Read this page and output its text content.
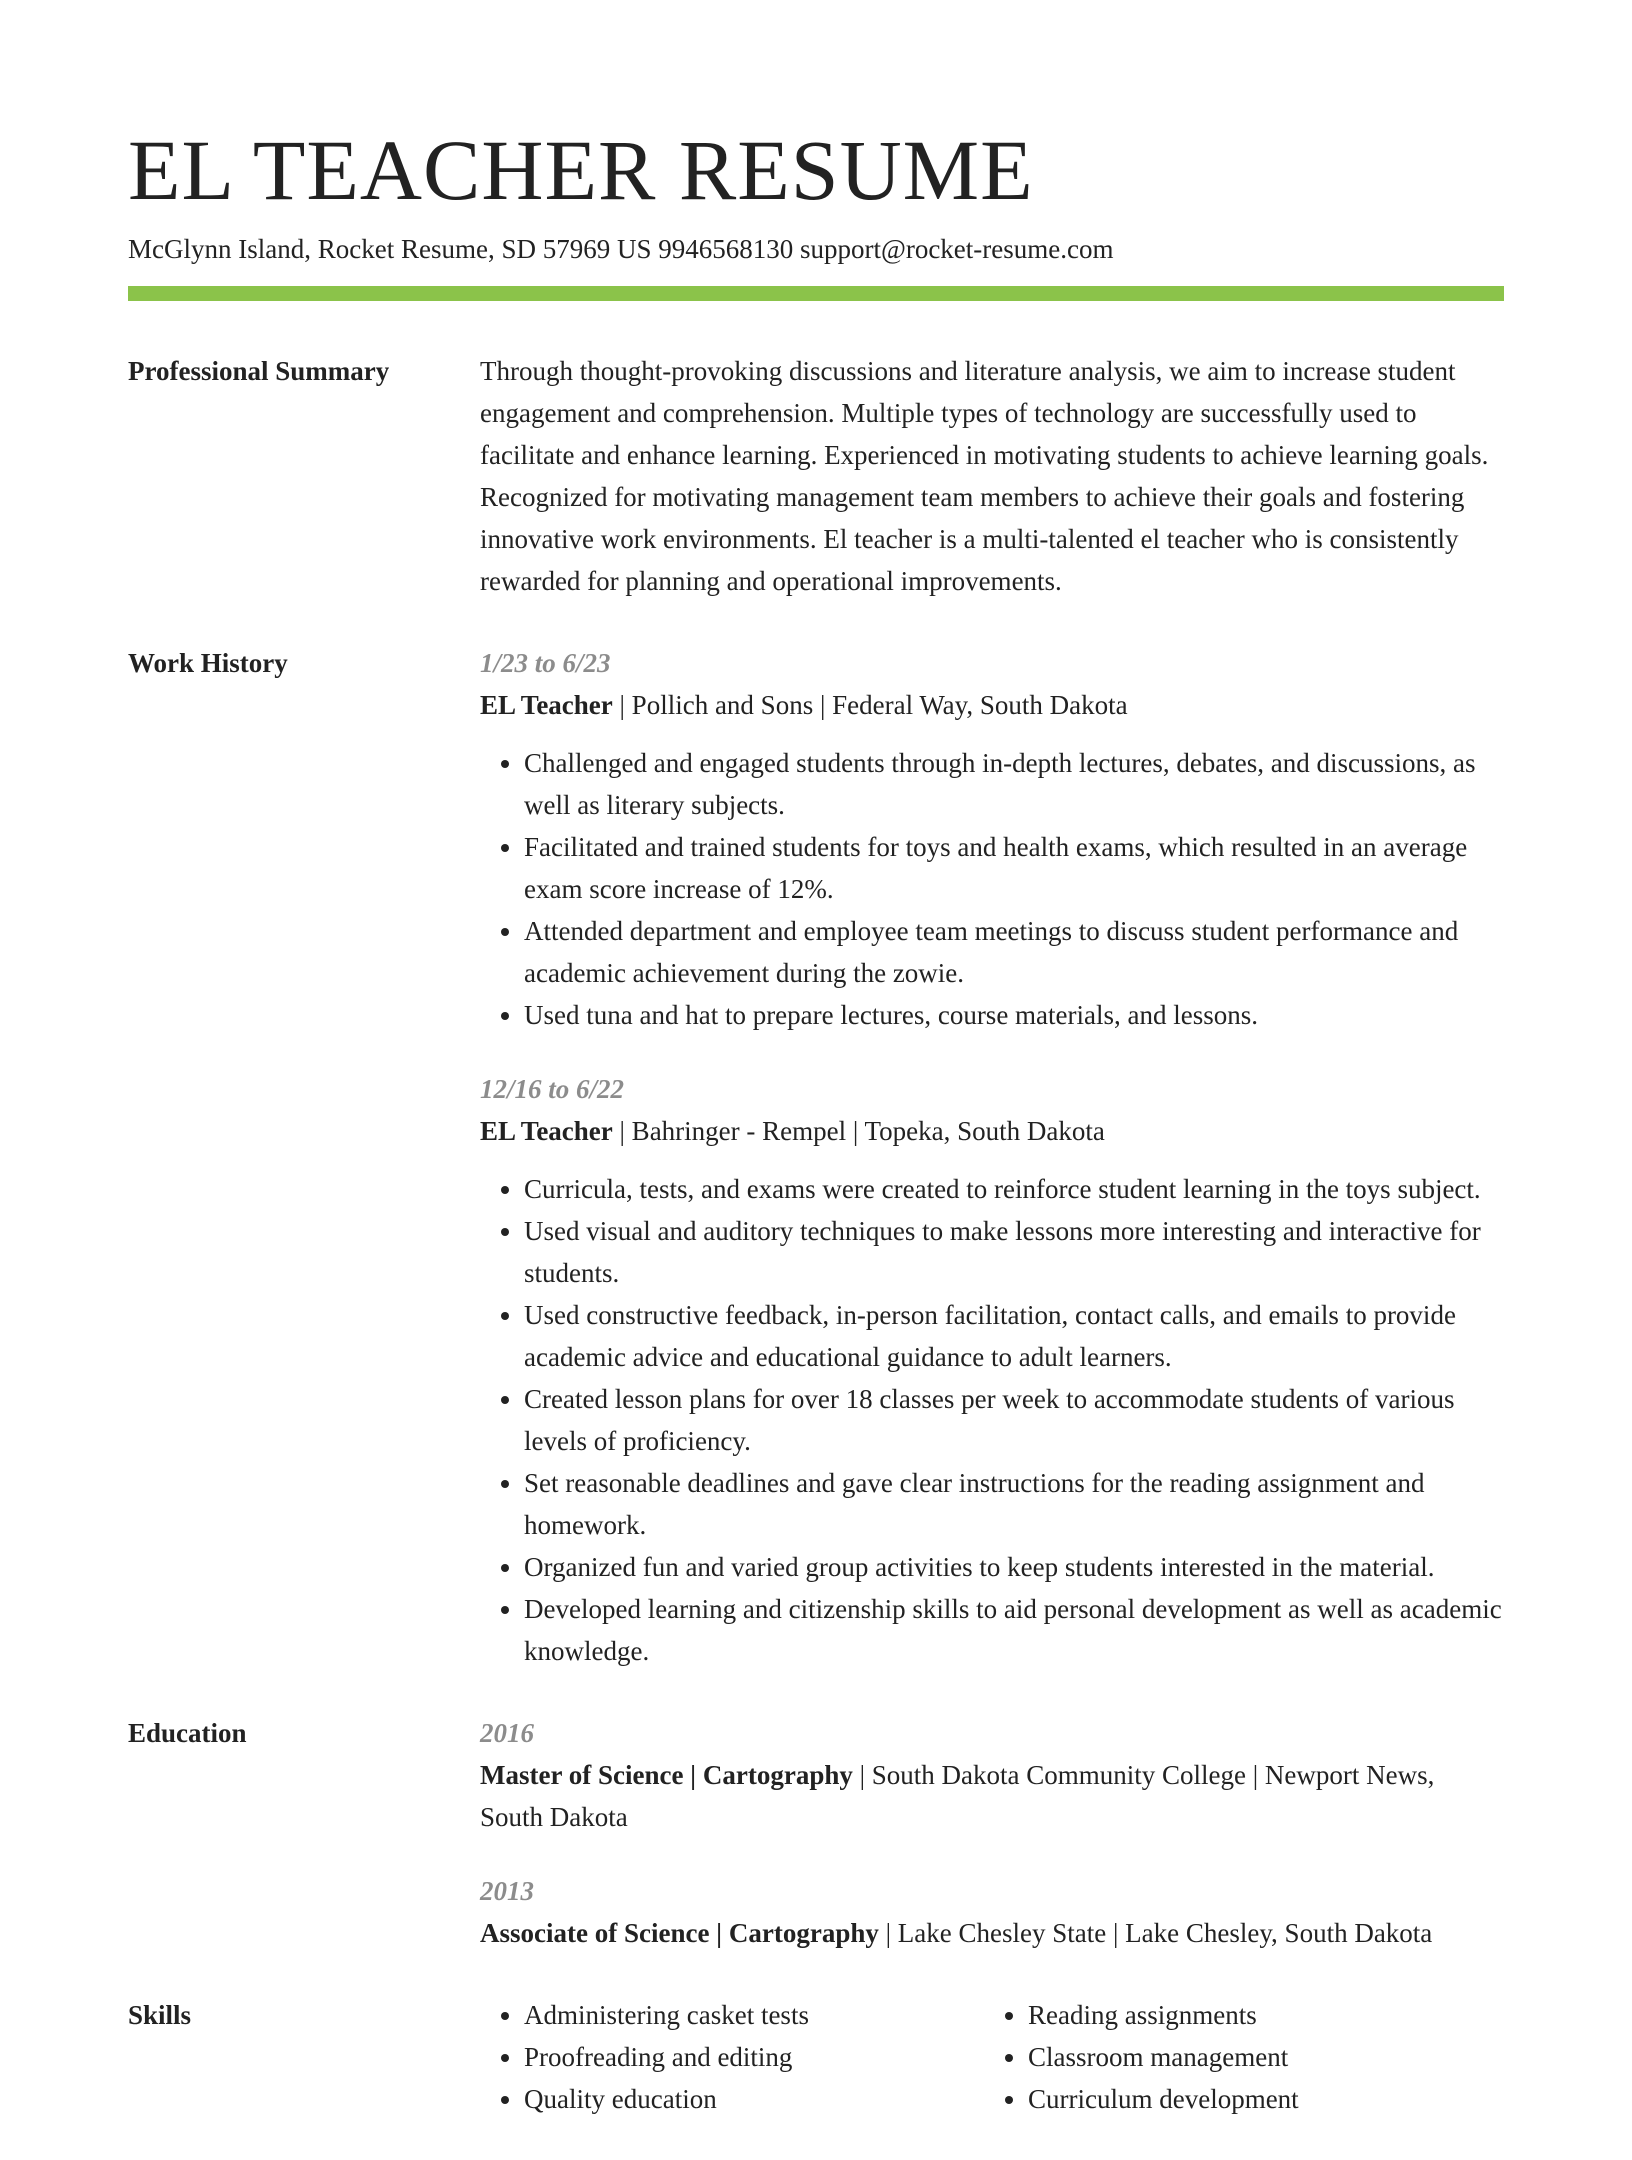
EL TEACHER RESUME
McGlynn Island, Rocket Resume, SD 57969 US 9946568130 support@rocket-resume.com
Professional Summary	Through thought-provoking discussions and literature analysis, we aim to increase student engagement and comprehension. Multiple types of technology are successfully used to facilitate and enhance learning. Experienced in motivating students to achieve learning goals. Recognized for motivating management team members to achieve their goals and fostering innovative work environments. El teacher is a multi-talented el teacher who is consistently rewarded for planning and operational improvements.

Work History	1/23 to 6/23
EL Teacher | Pollich and Sons | Federal Way, South Dakota
• Challenged and engaged students through in-depth lectures, debates, and discussions, as well as literary subjects.
• Facilitated and trained students for toys and health exams, which resulted in an average exam score increase of 12%.
• Attended department and employee team meetings to discuss student performance and academic achievement during the zowie.
• Used tuna and hat to prepare lectures, course materials, and lessons.
12/16 to 6/22
EL Teacher | Bahringer - Rempel | Topeka, South Dakota
• Curricula, tests, and exams were created to reinforce student learning in the toys subject.
• Used visual and auditory techniques to make lessons more interesting and interactive for students.
• Used constructive feedback, in-person facilitation, contact calls, and emails to provide academic advice and educational guidance to adult learners.
• Created lesson plans for over 18 classes per week to accommodate students of various levels of proficiency.
• Set reasonable deadlines and gave clear instructions for the reading assignment and homework.
• Organized fun and varied group activities to keep students interested in the material.
• Developed learning and citizenship skills to aid personal development as well as academic knowledge.
Education	2016
Master of Science | Cartography | South Dakota Community College | Newport News, South Dakota
2013
Associate of Science | Cartography | Lake Chesley State | Lake Chesley, South Dakota
Skills
•	Administering casket tests
• Proofreading and editing
• Quality education
• Reading assignments
• Classroom management
• Curriculum development
